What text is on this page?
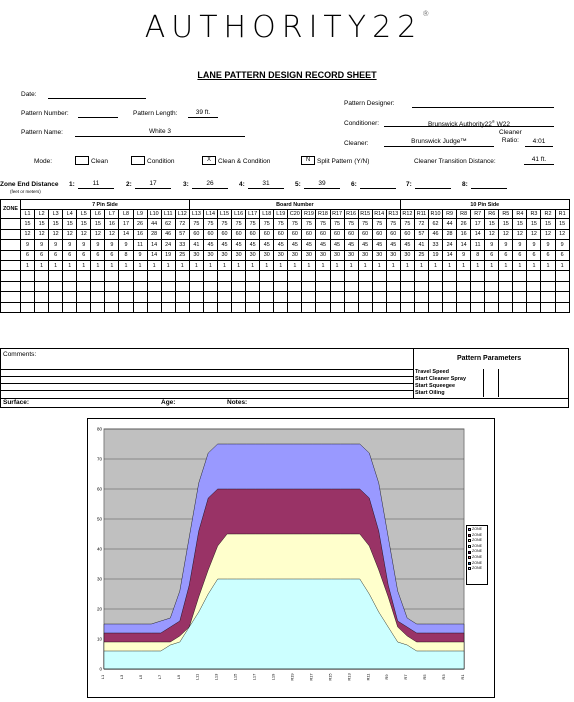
AUTHORITY22®
LANE PATTERN DESIGN RECORD SHEET
Date:
Pattern Number:	Pattern Length:	39 ft.
Pattern Name:	White 3
Pattern Designer:
Conditioner:	Brunswick Authority22® W22
Cleaner:	Brunswick Judge™
Cleaner
Ratio:	4:01
Mode:	Clean	Condition	X	Clean & Condition	N	Split Pattern (Y/N)	Cleaner Transition Distance:	41 ft.
Zone End Distance
(feet or meters)
1:	11	2:	17	3:	26	4:	31	5:	39	6:	7:	8:
ZONE	7 Pin Side												Board Number															10 Pin Side											
	L1	L2	L3	L4	L5	L6	L7	L8	L9	L10	L11	L12	L13	L14	L15	L16	L17	L18	L19	C20	R19	R18	R17	R16	R15	R14	R13	R12	R11	R10	R9	R8	R7	R6	R5	R4	R3	R2	R1
	15	15	15	15	15	15	16	17	26	44	62	72	75	75	75	75	75	75	75	75	75	75	75	75	75	75	75	75	72	62	44	26	17	15	15	15	15	15	15
	12	12	12	12	12	12	12	14	16	28	46	57	60	60	60	60	60	60	60	60	60	60	60	60	60	60	60	60	57	46	28	16	14	12	12	12	12	12	12
	9	9	9	9	9	9	9	9	11	14	24	33	41	45	45	45	45	45	45	45	45	45	45	45	45	45	45	45	41	33	24	14	11	9	9	9	9	9	9
	6	6	6	6	6	6	6	8	9	14	19	25	30	30	30	30	30	30	30	30	30	30	30	30	30	30	30	30	25	19	14	9	8	6	6	6	6	6	6
	1	1	1	1	1	1	1	1	1	1	1	1	1	1	1	1	1	1	1	1	1	1	1	1	1	1	1	1	1	1	1	1	1	1	1	1	1	1	1

Comments:
Pattern Parameters
Travel Speed
Start Cleaner Spray
Start Squeegee
Start Oiling
Surface:	Age:	Notes:
0
10
20
30
40
50
60
70
80
L1	L3	L5	L7	L9	L11	L13	L15	L17	L19	R19	R17	R15	R13	R11	R9	R7	R5	R3	R1
ZONE
ZONE
ZONE
ZONE
ZONE
ZONE
ZONE
ZONE
